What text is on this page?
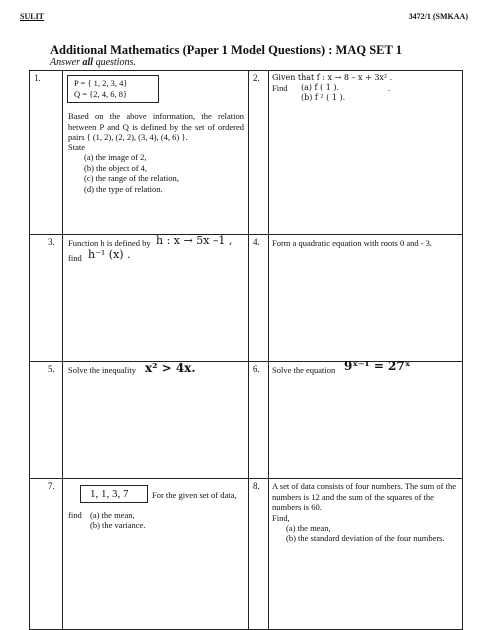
SULIT	3472/1 (SMKAA)
Additional Mathematics (Paper 1 Model Questions) : MAQ SET 1
Answer all questions.
1.	P = { 1, 2, 3, 4}
Q = {2, 4, 6, 8}
Based on the above information, the relation between P and Q is defined by the set of ordered pairs { (1, 2), (2, 2), (3, 4), (4, 6) }.
State
(a) the image of 2,
(b) the object of 4,
(c) the range of the relation,
(d) the type of relation.
2. Given that f : x → 8 – x + 3x² .
Find (a) f ( 1 ).	.
(b) f ² ( 1 ).
3. Function h is defined by h : x → 5x –1 ,
find h⁻¹ (x) .
4. Form a quadratic equation with roots 0 and - 3.
5. Solve the inequality x² > 4x.	6. Solve the equation 9ˣ⁻¹ = 27ˣ
7.
1, 1, 3, 7	For the given set of data,
find (a) the mean,
(b) the variance.
8. A set of data consists of four numbers. The sum of the numbers is 12 and the sum of the squares of the numbers is 60.
Find,
(a) the mean,
(b) the standard deviation of the four numbers.
